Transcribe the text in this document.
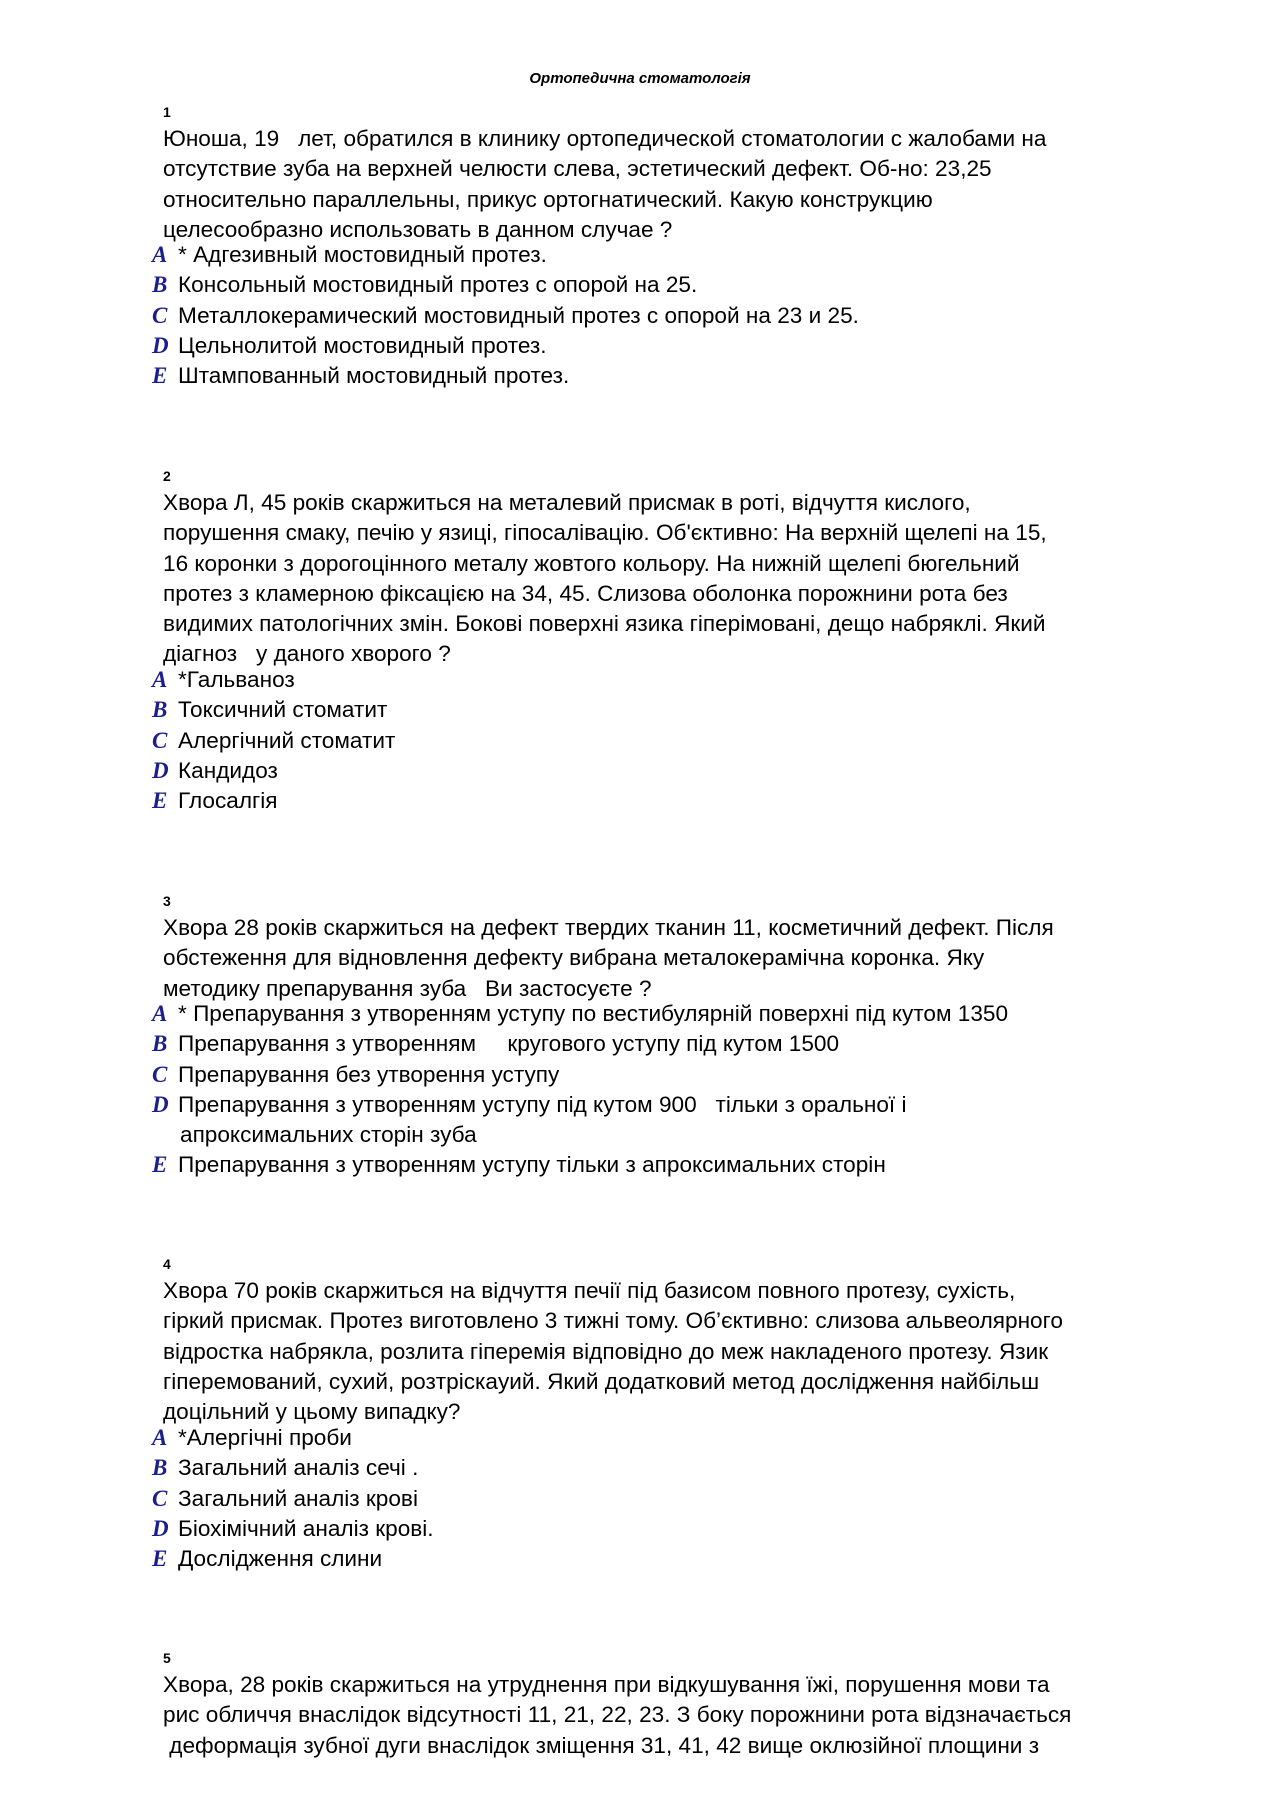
Ортопедична стоматологія
1
Юноша, 19   лет, обратился в клинику ортопедической стоматологии с жалобами на
отсутствие зуба на верхней челюсти слева, эстетический дефект. Об-но: 23,25
относительно параллельны, прикус ортогнатический. Какую конструкцию
целесообразно использовать в данном случае ?
A * Адгезивный мостовидный протез.
B Консольный мостовидный протез с опорой на 25.
C Металлокерамический мостовидный протез с опорой на 23 и 25.
D Цельнолитой мостовидный протез.
E Штампованный мостовидный протез.
2
Хвора Л, 45 років скаржиться на металевий присмак в роті, відчуття кислого,
порушення смаку, печію у язиці, гіпосалівацію. Об'єктивно: На верхній щелепі на 15,
16 коронки з дорогоцінного металу жовтого кольору. На нижній щелепі бюгельний
протез з кламерною фіксацією на 34, 45. Слизова оболонка порожнини рота без
видимих патологічних змін. Бокові поверхні язика гіперімовані, дещо набряклі. Який
діагноз   у даного хворого ?
A *Гальваноз
B Токсичний стоматит
C Алергічний стоматит
D Кандидоз
E Глосалгія
3
Хвора 28 років скаржиться на дефект твердих тканин 11, косметичний дефект. Після
обстеження для відновлення дефекту вибрана металокерамічна коронка. Яку
методику препарування зуба   Ви застосуєте ?
A * Препарування з утворенням уступу по вестибулярній поверхні під кутом 1350
B Препарування з утворенням     кругового уступу під кутом 1500
C Препарування без утворення уступу
D Препарування з утворенням уступу під кутом 900   тільки з оральної і
апроксимальних сторін зуба
E Препарування з утворенням уступу тільки з апроксимальних сторін
4
Хвора 70 років скаржиться на відчуття печії під базисом повного протезу, сухість,
гіркий присмак. Протез виготовлено 3 тижні тому. Об’єктивно: слизова альвеолярного
відростка набрякла, розлита гіперемія відповідно до меж накладеного протезу. Язик
гіперемований, сухий, розтріскаyий. Який додатковий метод дослідження найбільш
доцільний у цьому випадку?
A *Алергічні проби
B Загальний аналіз сечі .
C Загальний аналіз крові
D Біохімічний аналіз крові.
E Дослідження слини
5
Хвора, 28 років скаржиться на утруднення при відкушування їжі, порушення мови та
рис обличчя внаслідок відсутності 11, 21, 22, 23. З боку порожнини рота відзначається
деформація зубної дуги внаслідок зміщення 31, 41, 42 вище оклюзійної площини з
